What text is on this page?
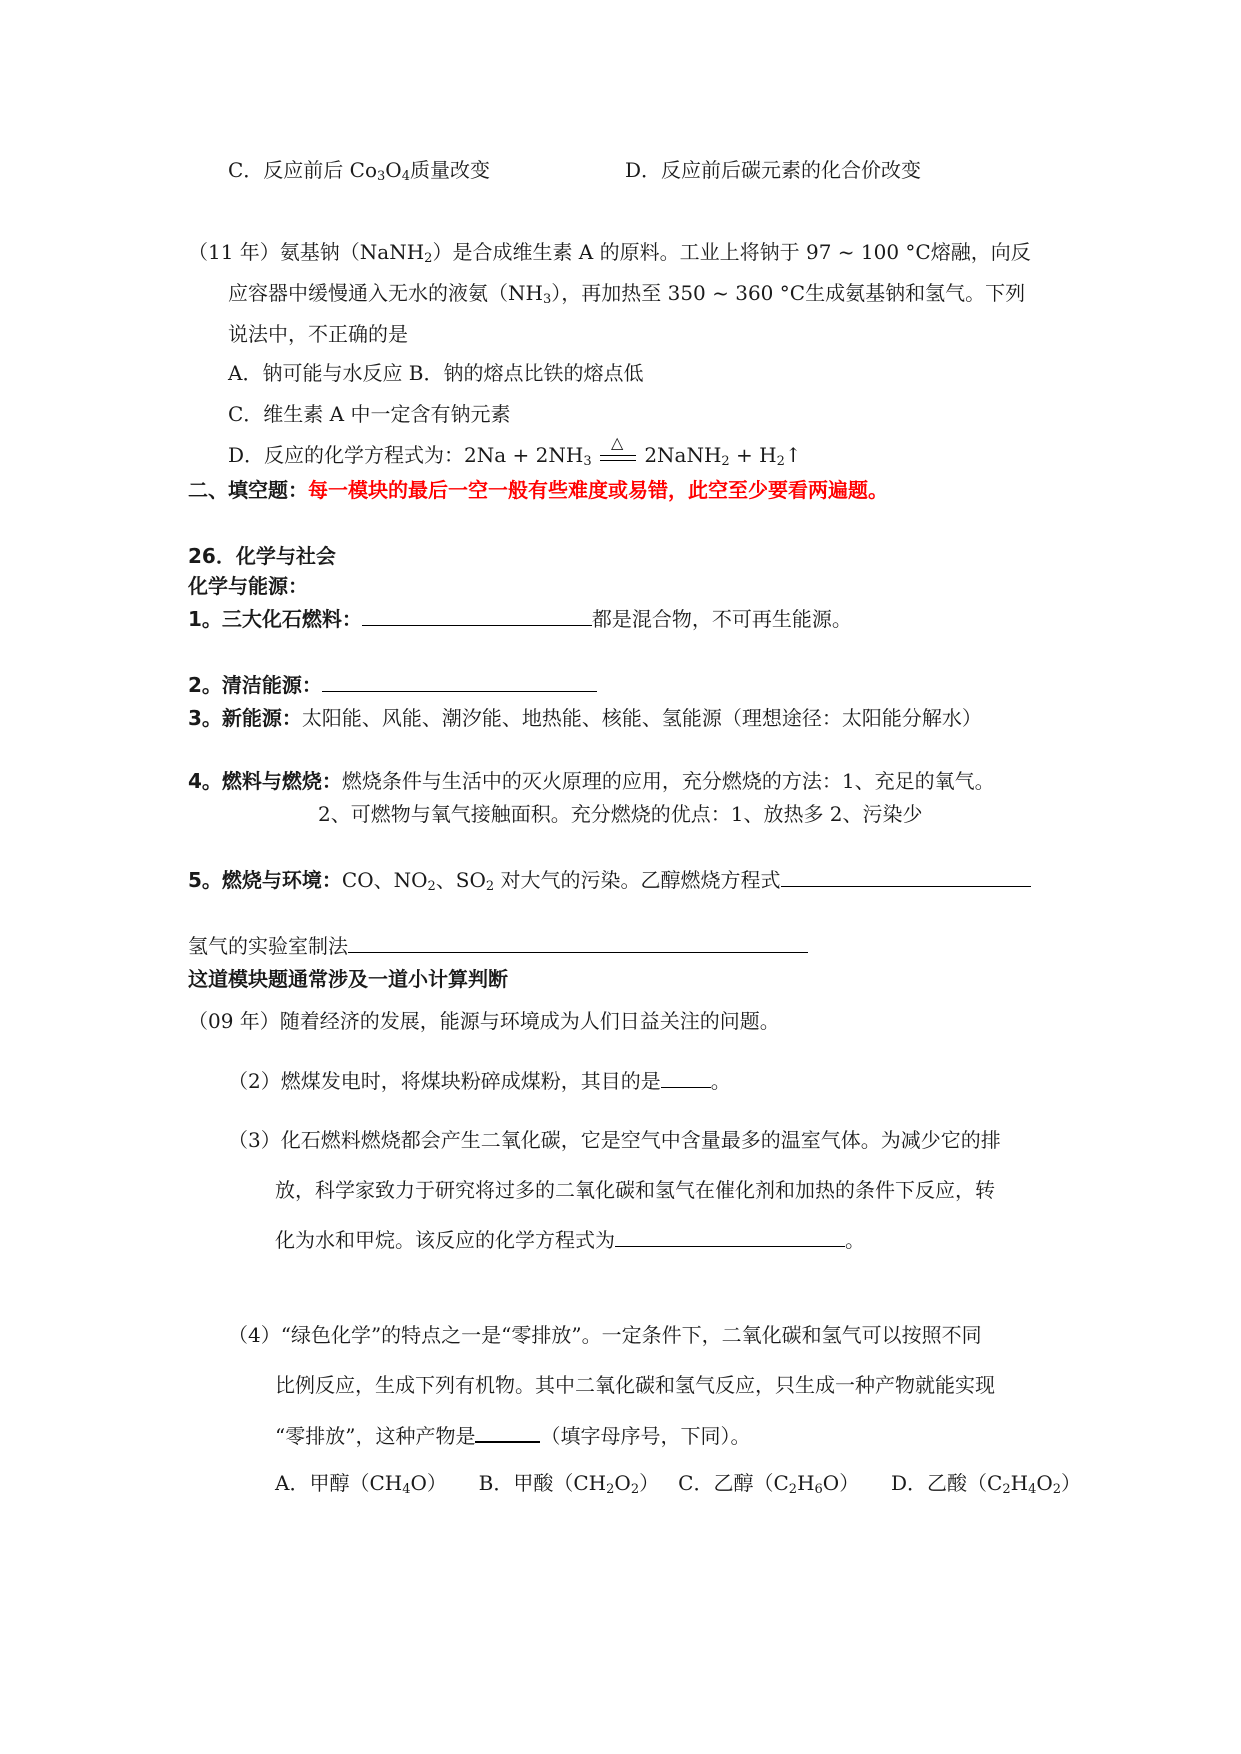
C．反应前后 $Co_3O_4$质量改变	D．反应前后碳元素的化合价改变
（11 年）氨基钠（NaNH$_2$）是合成维生素 A 的原料。工业上将钠于 97 ~ 100 °C熔融，向反
应容器中缓慢通入无水的液氨$(NH_3)$，再加热至 350 ~ 360 °C生成氨基钠和氢气。下列
说法中，不正确的是
A．钠可能与水反应 B．钠的熔点比铁的熔点低
C．维生素 A 中一定含有钠元素
D．反应的化学方程式为：$2Na + 2NH_3$
△
2NaNH$_2$ + $H_2↑$
二、填空题：每一模块的最后一空一般有些难度或易错，此空至少要看两遍题。
26．化学与社会
化学与能源：
1。三大化石燃料：	都是混合物，不可再生能源。
2。清洁能源：
3。新能源：太阳能、风能、潮汐能、地热能、核能、氢能源（理想途径：太阳能分解水）
4。燃料与燃烧：燃烧条件与生活中的灭火原理的应用，充分燃烧的方法：1、充足的氧气。
2、可燃物与氧气接触面积。充分燃烧的优点：1、放热多 2、污染少
5。燃烧与环境：CO、$NO_2$、$SO_2$ 对大气的污染。乙醇燃烧方程式
氢气的实验室制法
这道模块题通常涉及一道小计算判断
（09 年）随着经济的发展，能源与环境成为人们日益关注的问题。
（2）燃煤发电时，将煤块粉碎成煤粉，其目的是	。
（3）化石燃料燃烧都会产生二氧化碳，它是空气中含量最多的温室气体。为减少它的排
放，科学家致力于研究将过多的二氧化碳和氢气在催化剂和加热的条件下反应，转
化为水和甲烷。该反应的化学方程式为	。
（4）“绿色化学”的特点之一是“零排放”。一定条件下，二氧化碳和氢气可以按照不同
比例反应，生成下列有机物。其中二氧化碳和氢气反应，只生成一种产物就能实现
“零排放”，这种产物是	（填字母序号，下同）。
A．甲醇$(CH_4O)$ B．甲酸$(CH_2O_2)$ C．乙醇$(C_2H_6O)$ D．乙酸$(C_2H_4O_2)$
